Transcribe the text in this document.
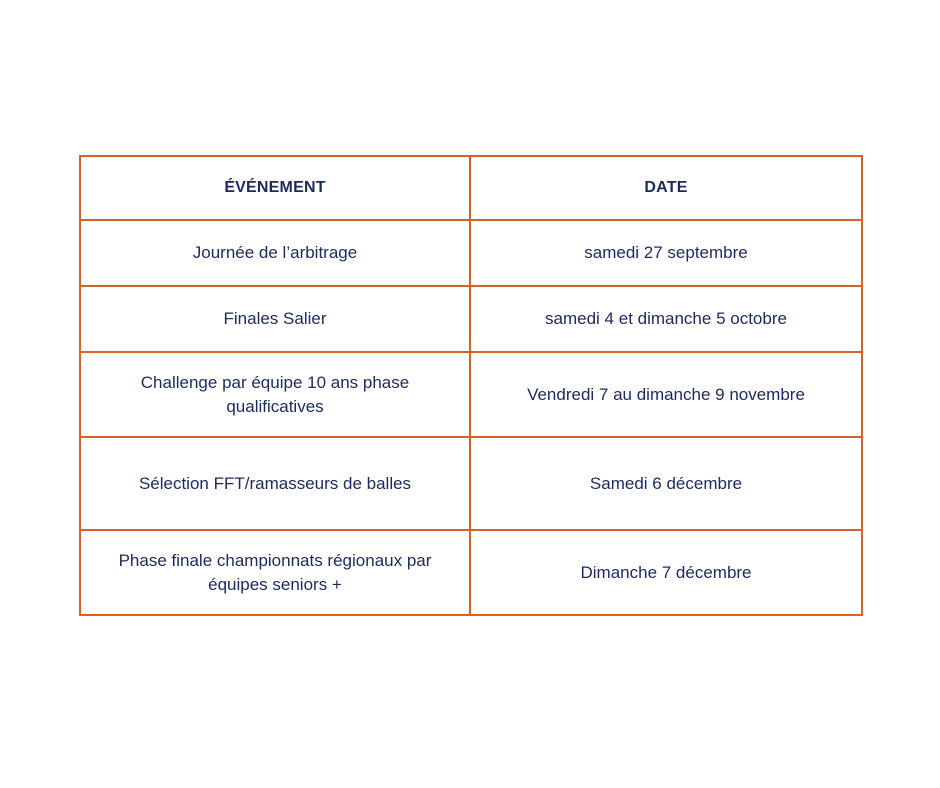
ÉVÉNEMENT	DATE
Journée de l’arbitrage	samedi 27 septembre
Finales Salier	samedi 4 et dimanche 5 octobre
Challenge par équipe 10 ans phase qualificatives	Vendredi 7 au dimanche 9 novembre
Sélection FFT/ramasseurs de balles	Samedi 6 décembre
Phase finale championnats régionaux par équipes seniors +	Dimanche 7 décembre
